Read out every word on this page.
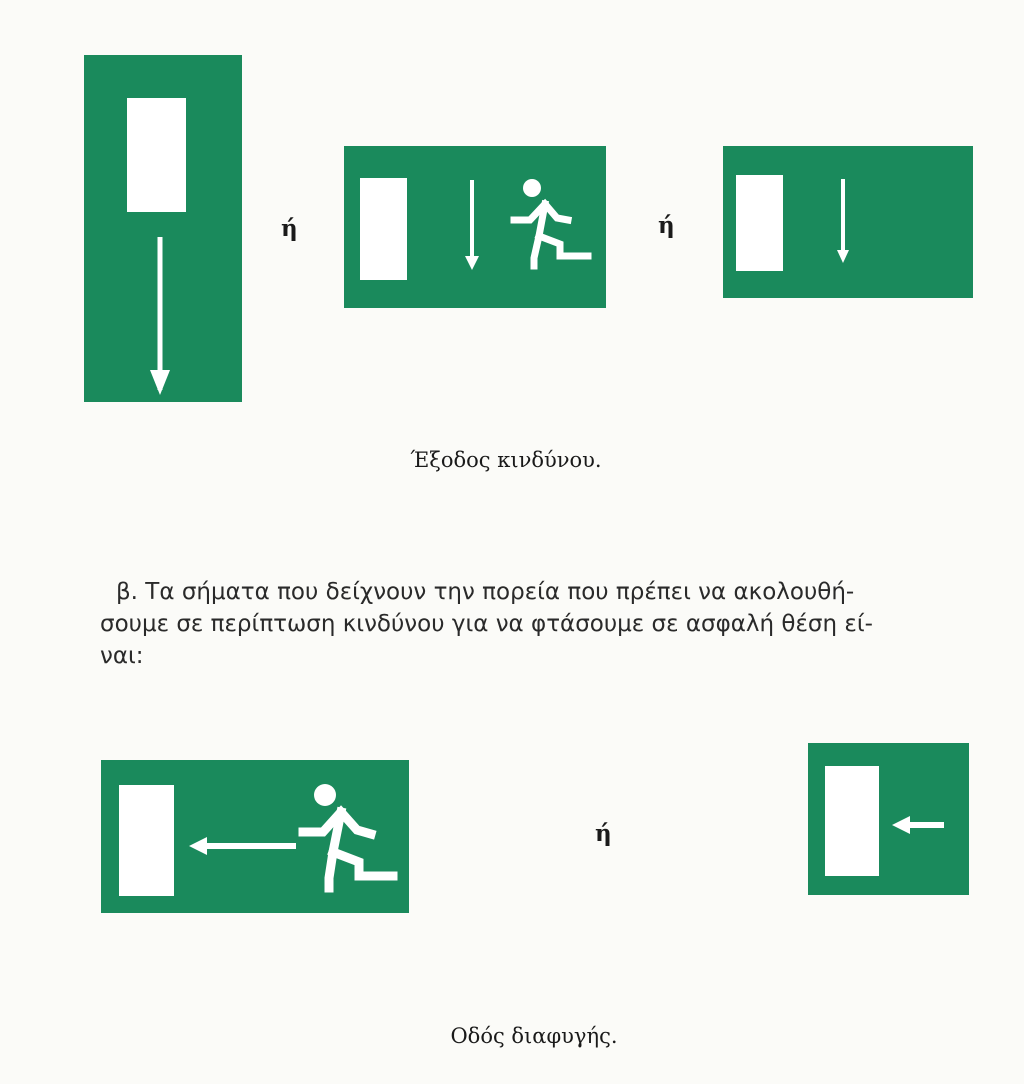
ή	ή
Έξοδος κινδύνου.
β. Τα σήματα που δείχνουν την πορεία που πρέπει να ακολουθή-
σουμε σε περίπτωση κινδύνου για να φτάσουμε σε ασφαλή θέση εί-
ναι:
ή
Οδός διαφυγής.
